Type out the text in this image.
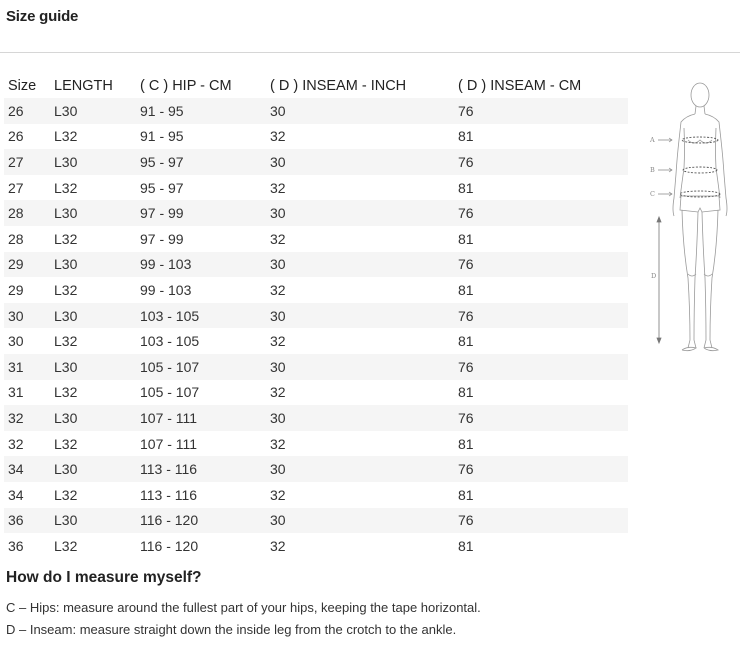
Size guide
Size	LENGTH	( C ) HIP - CM	( D ) INSEAM - INCH	( D ) INSEAM - CM
26	L30	91 - 95	30	76
26	L32	91 - 95	32	81
27	L30	95 - 97	30	76
27	L32	95 - 97	32	81
28	L30	97 - 99	30	76
28	L32	97 - 99	32	81
29	L30	99 - 103	30	76
29	L32	99 - 103	32	81
30	L30	103 - 105	30	76
30	L32	103 - 105	32	81
31	L30	105 - 107	30	76
31	L32	105 - 107	32	81
32	L30	107 - 111	30	76
32	L32	107 - 111	32	81
34	L30	113 - 116	30	76
34	L32	113 - 116	32	81
36	L30	116 - 120	30	76
36	L32	116 - 120	32	81
A
B
C
D
How do I measure myself?
C – Hips: measure around the fullest part of your hips, keeping the tape horizontal.
D – Inseam: measure straight down the inside leg from the crotch to the ankle.
